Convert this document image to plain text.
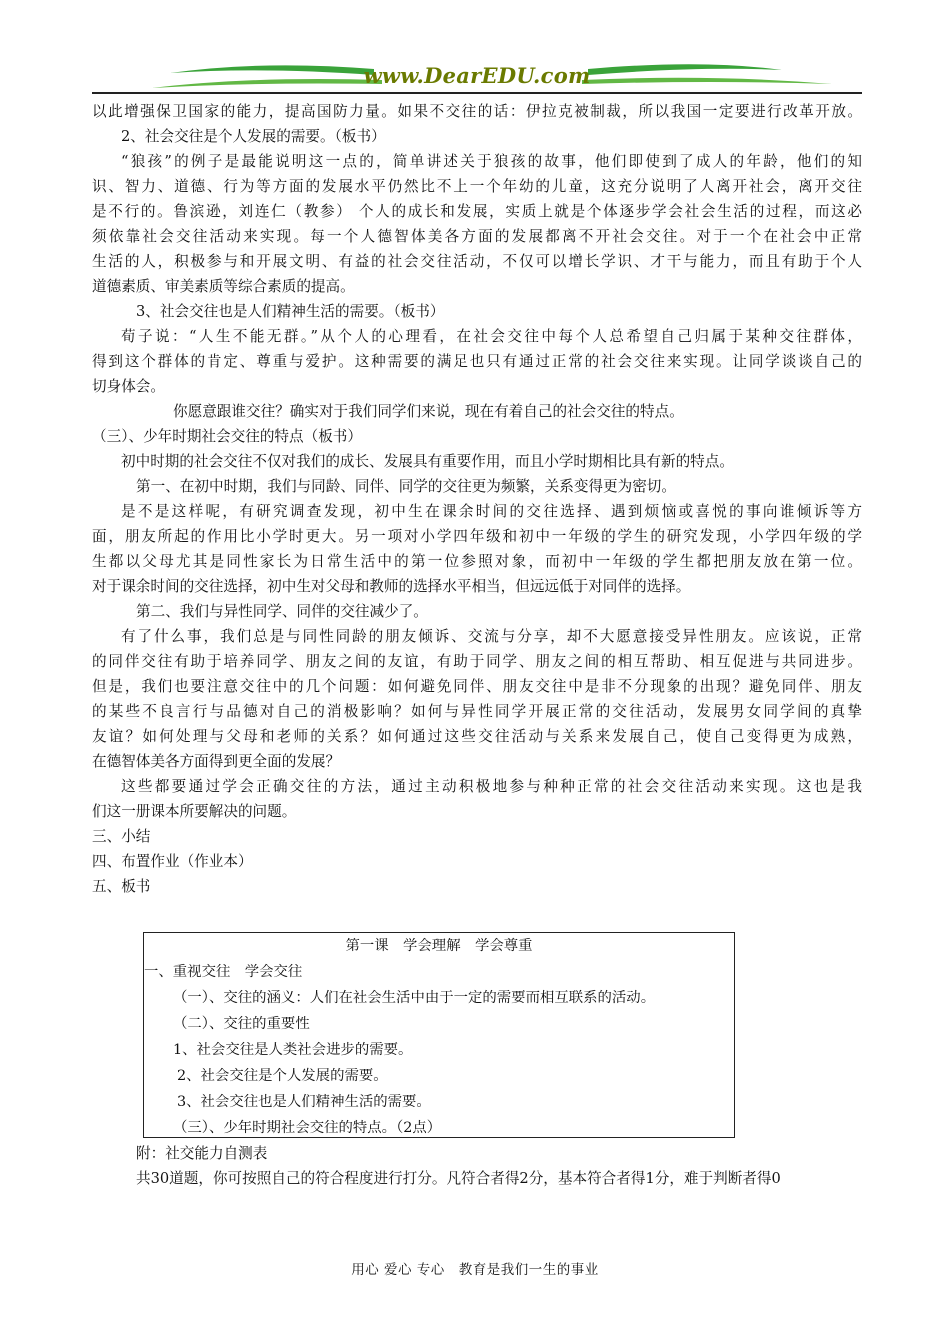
www.DearEDU.com
以此增强保卫国家的能力，提高国防力量。如果不交往的话：伊拉克被制裁，所以我国一定要进行改革开放。
2、社会交往是个人发展的需要。（板书）
“狼孩”的例子是最能说明这一点的，简单讲述关于狼孩的故事，他们即使到了成人的年龄，他们的知
识、智力、道德、行为等方面的发展水平仍然比不上一个年幼的儿童，这充分说明了人离开社会，离开交往
是不行的。鲁滨逊，刘连仁（教参） 个人的成长和发展，实质上就是个体逐步学会社会生活的过程，而这必
须依靠社会交往活动来实现。每一个人德智体美各方面的发展都离不开社会交往。对于一个在社会中正常
生活的人，积极参与和开展文明、有益的社会交往活动，不仅可以增长学识、才干与能力，而且有助于个人
道德素质、审美素质等综合素质的提高。
3、社会交往也是人们精神生活的需要。（板书）
荀子说：“人生不能无群。”从个人的心理看，在社会交往中每个人总希望自己归属于某种交往群体，
得到这个群体的肯定、尊重与爱护。这种需要的满足也只有通过正常的社会交往来实现。让同学谈谈自己的
切身体会。
你愿意跟谁交往？确实对于我们同学们来说，现在有着自己的社会交往的特点。
（三）、少年时期社会交往的特点（板书）
初中时期的社会交往不仅对我们的成长、发展具有重要作用，而且小学时期相比具有新的特点。
第一、在初中时期，我们与同龄、同伴、同学的交往更为频繁，关系变得更为密切。
是不是这样呢，有研究调查发现，初中生在课余时间的交往选择、遇到烦恼或喜悦的事向谁倾诉等方
面，朋友所起的作用比小学时更大。另一项对小学四年级和初中一年级的学生的研究发现，小学四年级的学
生都以父母尤其是同性家长为日常生活中的第一位参照对象，而初中一年级的学生都把朋友放在第一位。
对于课余时间的交往选择，初中生对父母和教师的选择水平相当，但远远低于对同伴的选择。
第二、我们与异性同学、同伴的交往减少了。
有了什么事，我们总是与同性同龄的朋友倾诉、交流与分享，却不大愿意接受异性朋友。应该说，正常
的同伴交往有助于培养同学、朋友之间的友谊，有助于同学、朋友之间的相互帮助、相互促进与共同进步。
但是，我们也要注意交往中的几个问题：如何避免同伴、朋友交往中是非不分现象的出现？避免同伴、朋友
的某些不良言行与品德对自己的消极影响？如何与异性同学开展正常的交往活动，发展男女同学间的真挚
友谊？如何处理与父母和老师的关系？如何通过这些交往活动与关系来发展自己，使自己变得更为成熟，
在德智体美各方面得到更全面的发展？
这些都要通过学会正确交往的方法，通过主动积极地参与种种正常的社会交往活动来实现。这也是我
们这一册课本所要解决的问题。
三、小结
四、布置作业（作业本）
五、板书
第一课　学会理解　学会尊重
一、重视交往　学会交往
（一）、交往的涵义：人们在社会生活中由于一定的需要而相互联系的活动。
（二）、交往的重要性
1、社会交往是人类社会进步的需要。
2、社会交往是个人发展的需要。
3、社会交往也是人们精神生活的需要。
（三）、少年时期社会交往的特点。（2点）
附：社交能力自测表
共30道题，你可按照自己的符合程度进行打分。凡符合者得2分，基本符合者得1分，难于判断者得0
用心 爱心 专心　教育是我们一生的事业
